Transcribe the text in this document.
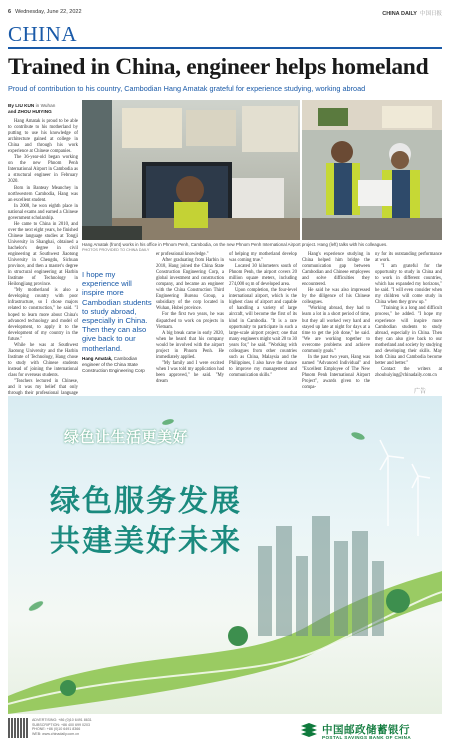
6 Wednesday, June 22, 2022	CHINA DAILY 中国日报
CHINA
Trained in China, engineer helps homeland
Proud of contribution to his country, Cambodian Hang Amatak grateful for experience studying, working abroad
By LIU KUN in Wuhan
and ZHOU HUIYING

Hang Amatak is proud to be able to contribute to his motherland by putting to use his knowledge of architecture gained at college in China and through his work experience at Chinese companies.

The 36-year-old began working on the new Phnom Penh International Airport in Cambodia as a structural engineer in February 2020.

Born in Banteay Meanchey in northwestern Cambodia, Hang was an excellent student.

In 2008, he won eighth place in national exams and earned a Chinese government scholarship.

He came to China in 2010, and over the next eight years, he finished Chinese language studies at Tongji University in Shanghai, obtained a bachelor's degree in civil engineering at Southwest Jiaotong University in Chengdu, Sichuan province, and then a master's degree in structural engineering at Harbin Institute of Technology in Heilongjiang province.

"My motherland is also a developing country with poor infrastructure, so I chose majors related to construction," he said. "I hoped to learn more about China's advanced technology and model of development, to apply it to the development of my country in the future."

While he was at Southwest Jiaotong University and the Harbin Institute of Technology, Hang chose to study with Chinese students instead of joining the international class for overseas students.

"Teachers lectured in Chinese, and it was my belief that only through their professional language

Hang Amatak (front) works in his office in Phnom Penh, Cambodia, on the new Phnom Penh International Airport project. Hang (left) talks with his colleagues.
PHOTOS PROVIDED TO CHINA DAILY
I hope my experience will inspire more Cambodian students to study abroad, especially in China. Then they can also give back to our motherland.
Hang Amatak, Cambodian engineer of the China State Construction Engineering Corp

er professional knowledge."

After graduating from Harbin in 2018, Hang joined the China State Construction Engineering Corp, a global investment and construction company, and became an engineer with the China Construction Third Engineering Bureau Group, a subsidiary of the corp located in Wuhan, Hubei province.

For the first two years, he was dispatched to work on projects in Vietnam.

A big break came in early 2020, when he heard that his company would be involved with the airport project in Phnom Penh. He immediately applied.

"My family and I were excited when I was told my application had been approved," he said. "My dream

of helping my motherland develop was coming true."

Located 30 kilometers south of Phnom Penh, the airport covers 20 million square meters, including 274,000 sq m of developed area.

Upon completion, the four-level international airport, which is the highest class of airport and capable of handling a variety of large aircraft, will become the first of its kind in Cambodia. "It is a rare opportunity to participate in such a large-scale airport project; one that many engineers might wait 20 to 30 years for," he said. "Working with colleagues from other countries such as China, Malaysia and the Philippines, I also have the chance to improve my management and communication skills."

Hang's experience studying in China helped him bridge the communication gap between Cambodian and Chinese employees and solve difficulties they encountered.

He said he was also impressed by the diligence of his Chinese colleagues.

"Working abroad, they had to learn a lot in a short period of time, but they all worked very hard and stayed up late at night for days at a time to get the job done," he said. "We are working together to overcome problems and achieve commonly goals."

In the past two years, Hang was named "Advanced Individual" and "Excellent Employee of The New Phnom Penh International Airport Project", awards given to the compa-

ny for its outstanding performance at work.

"I am grateful for the opportunity to study in China and to work in different countries, which has expanded my horizons," he said. "I will even consider when my children will come study in China when they grow up."

"Training is a long and difficult process," he added. "I hope my experience will inspire more Cambodian students to study abroad, especially in China. Then they can also give back to our motherland and society by studying and developing their skills. May both China and Cambodia become better and better."

Contact the writers at zhouhuiying@chinadaily.com.cn

广告
绿色让生活更美好
绿色服务发展
共建美好未来
ADVERTISING: +86 (0)10 6491 8631
SUBSCRIPTION: +86 400 699 0203
PHONE: +86 (0)10 6491 8366
WEB: www.chinadaily.com.cn	中国邮政储蓄银行
POSTAL SAVINGS BANK OF CHINA
